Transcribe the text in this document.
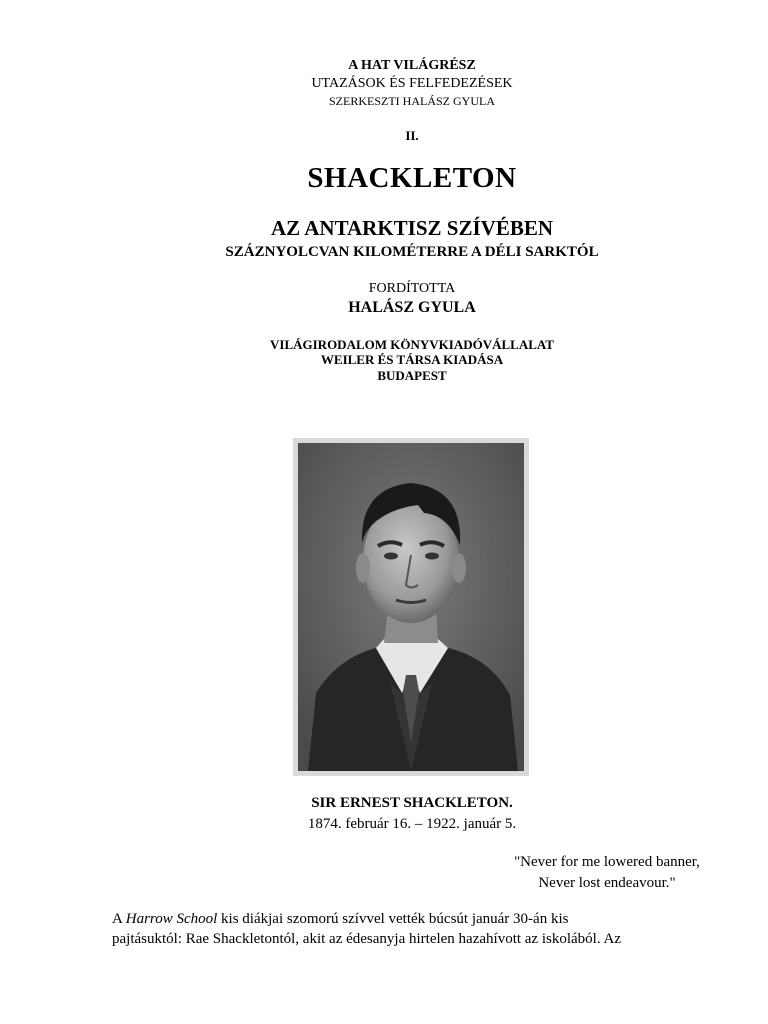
A HAT VILÁGRÉSZ
UTAZÁSOK ÉS FELFEDEZÉSEK
SZERKESZTI HALÁSZ GYULA
II.
SHACKLETON
AZ ANTARKTISZ SZÍVÉBEN
SZÁZNYOLCVAN KILOMÉTERRE A DÉLI SARKTÓL
FORDÍTOTTA
HALÁSZ GYULA
VILÁGIRODALOM KÖNYVKIADÓVÁLLALAT
WEILER ÉS TÁRSA KIADÁSA
BUDAPEST
SIR ERNEST SHACKLETON.
1874. február 16. – 1922. január 5.
"Never for me lowered banner,
Never lost endeavour."
A Harrow School kis diákjai szomorú szívvel vették búcsút január 30-án kis
pajtásuktól: Rae Shackletontól, akit az édesanyja hirtelen hazahívott az iskolából. Az
